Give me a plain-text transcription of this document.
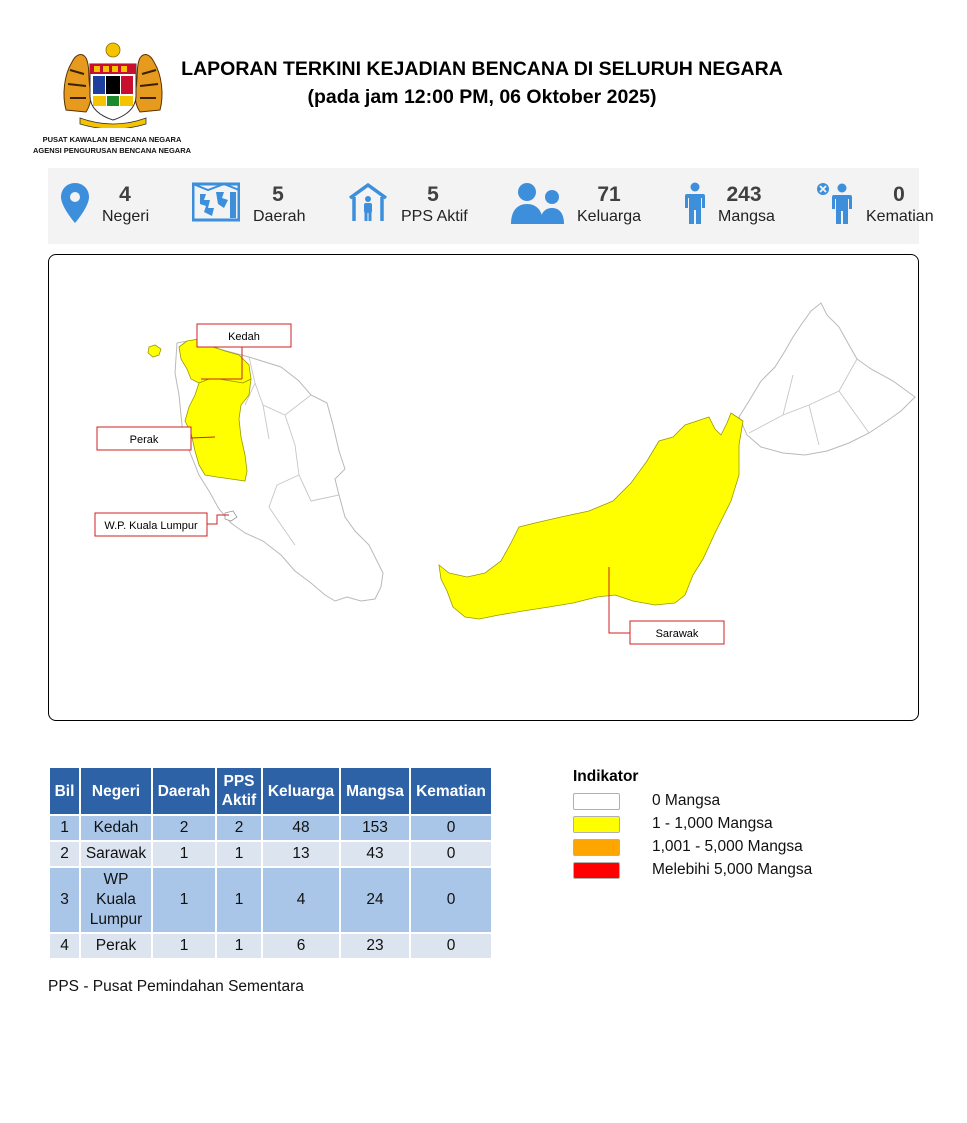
PUSAT KAWALAN BENCANA NEGARA
AGENSI PENGURUSAN BENCANA NEGARA
LAPORAN TERKINI KEJADIAN BENCANA DI SELURUH NEGARA
(pada jam 12:00 PM, 06 Oktober 2025)
4
Negeri
5
Daerah
5
PPS Aktif
71
Keluarga
243
Mangsa
0
Kematian
Kedah
Perak
W.P. Kuala Lumpur
Sarawak
Bil	Negeri	Daerah	PPS Aktif	Keluarga	Mangsa	Kematian
1	Kedah	2	2	48	153	0
2	Sarawak	1	1	13	43	0
3	WP Kuala Lumpur	1	1	4	24	0
4	Perak	1	1	6	23	0
PPS - Pusat Pemindahan Sementara
Indikator
0 Mangsa
1 - 1,000 Mangsa
1,001 - 5,000 Mangsa
Melebihi 5,000 Mangsa
